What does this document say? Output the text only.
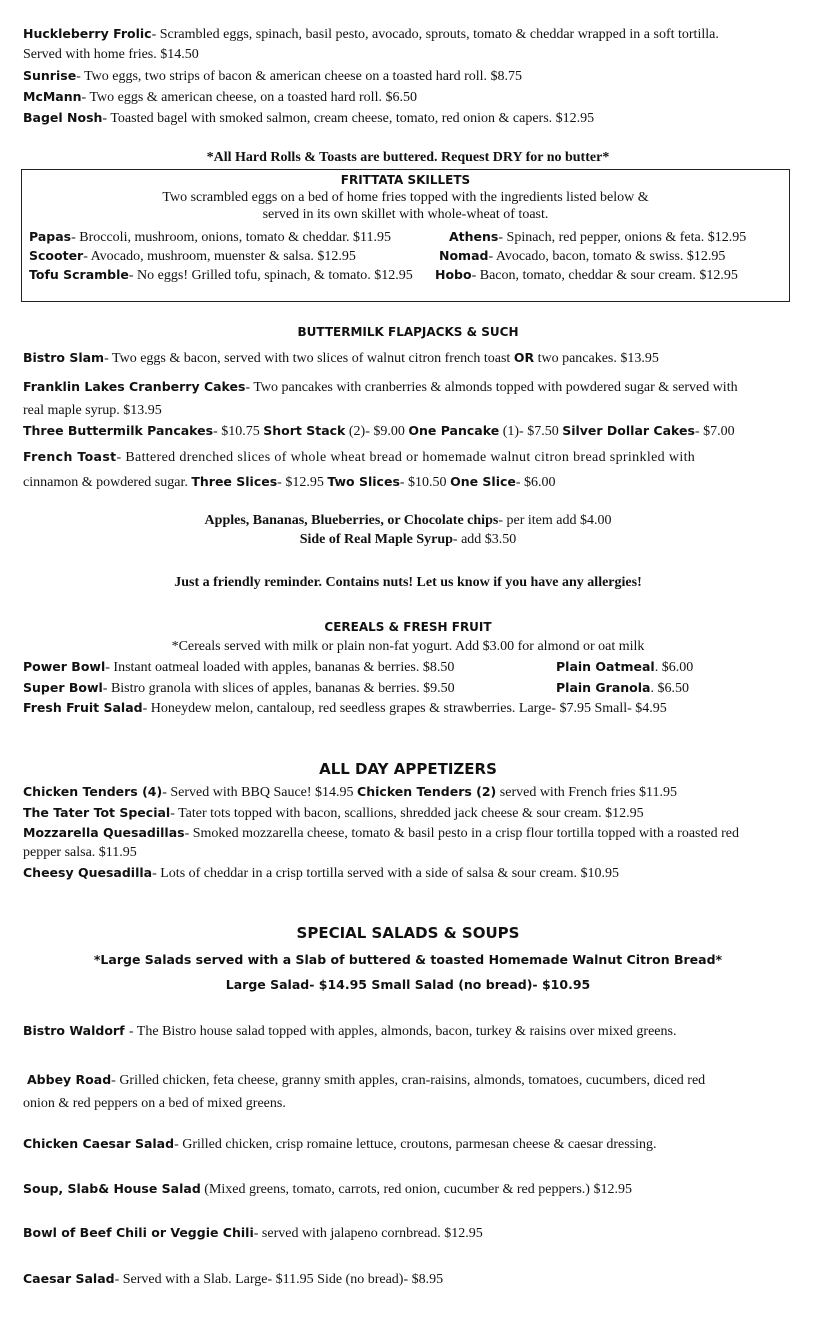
Huckleberry Frolic- Scrambled eggs, spinach, basil pesto, avocado, sprouts, tomato & cheddar wrapped in a soft tortilla.
Served with home fries. $14.50
Sunrise- Two eggs, two strips of bacon & american cheese on a toasted hard roll. $8.75
McMann- Two eggs & american cheese, on a toasted hard roll. $6.50
Bagel Nosh- Toasted bagel with smoked salmon, cream cheese, tomato, red onion & capers. $12.95
*All Hard Rolls & Toasts are buttered. Request DRY for no butter*
FRITTATA SKILLETS
Two scrambled eggs on a bed of home fries topped with the ingredients listed below &
served in its own skillet with whole-wheat of toast.
Papas- Broccoli, mushroom, onions, tomato & cheddar. $11.95
Scooter- Avocado, mushroom, muenster & salsa. $12.95
Tofu Scramble- No eggs! Grilled tofu, spinach, & tomato. $12.95
Athens- Spinach, red pepper, onions & feta. $12.95
Nomad- Avocado, bacon, tomato & swiss. $12.95
Hobo- Bacon, tomato, cheddar & sour cream. $12.95
BUTTERMILK FLAPJACKS & SUCH
Bistro Slam- Two eggs & bacon, served with two slices of walnut citron french toast OR two pancakes. $13.95
Franklin Lakes Cranberry Cakes- Two pancakes with cranberries & almonds topped with powdered sugar & served with
real maple syrup. $13.95
Three Buttermilk Pancakes- $10.75 Short Stack (2)- $9.00 One Pancake (1)- $7.50 Silver Dollar Cakes- $7.00
French Toast- Battered drenched slices of whole wheat bread or homemade walnut citron bread sprinkled with
cinnamon & powdered sugar. Three Slices- $12.95 Two Slices- $10.50 One Slice- $6.00
Apples, Bananas, Blueberries, or Chocolate chips- per item add $4.00
Side of Real Maple Syrup- add $3.50
Just a friendly reminder. Contains nuts! Let us know if you have any allergies!
CEREALS & FRESH FRUIT
*Cereals served with milk or plain non-fat yogurt. Add $3.00 for almond or oat milk
Power Bowl- Instant oatmeal loaded with apples, bananas & berries. $8.50	Plain Oatmeal. $6.00
Super Bowl- Bistro granola with slices of apples, bananas & berries. $9.50	Plain Granola. $6.50
Fresh Fruit Salad- Honeydew melon, cantaloup, red seedless grapes & strawberries. Large- $7.95 Small- $4.95
ALL DAY APPETIZERS
Chicken Tenders (4)- Served with BBQ Sauce! $14.95 Chicken Tenders (2) served with French fries $11.95
The Tater Tot Special- Tater tots topped with bacon, scallions, shredded jack cheese & sour cream. $12.95
Mozzarella Quesadillas- Smoked mozzarella cheese, tomato & basil pesto in a crisp flour tortilla topped with a roasted red
pepper salsa. $11.95
Cheesy Quesadilla- Lots of cheddar in a crisp tortilla served with a side of salsa & sour cream. $10.95
SPECIAL SALADS & SOUPS
*Large Salads served with a Slab of buttered & toasted Homemade Walnut Citron Bread*
Large Salad- $14.95 Small Salad (no bread)- $10.95
Bistro Waldorf - The Bistro house salad topped with apples, almonds, bacon, turkey & raisins over mixed greens.
Abbey Road- Grilled chicken, feta cheese, granny smith apples, cran-raisins, almonds, tomatoes, cucumbers, diced red
onion & red peppers on a bed of mixed greens.
Chicken Caesar Salad- Grilled chicken, crisp romaine lettuce, croutons, parmesan cheese & caesar dressing.
Soup, Slab& House Salad (Mixed greens, tomato, carrots, red onion, cucumber & red peppers.) $12.95
Bowl of Beef Chili or Veggie Chili- served with jalapeno cornbread. $12.95
Caesar Salad- Served with a Slab. Large- $11.95 Side (no bread)- $8.95
